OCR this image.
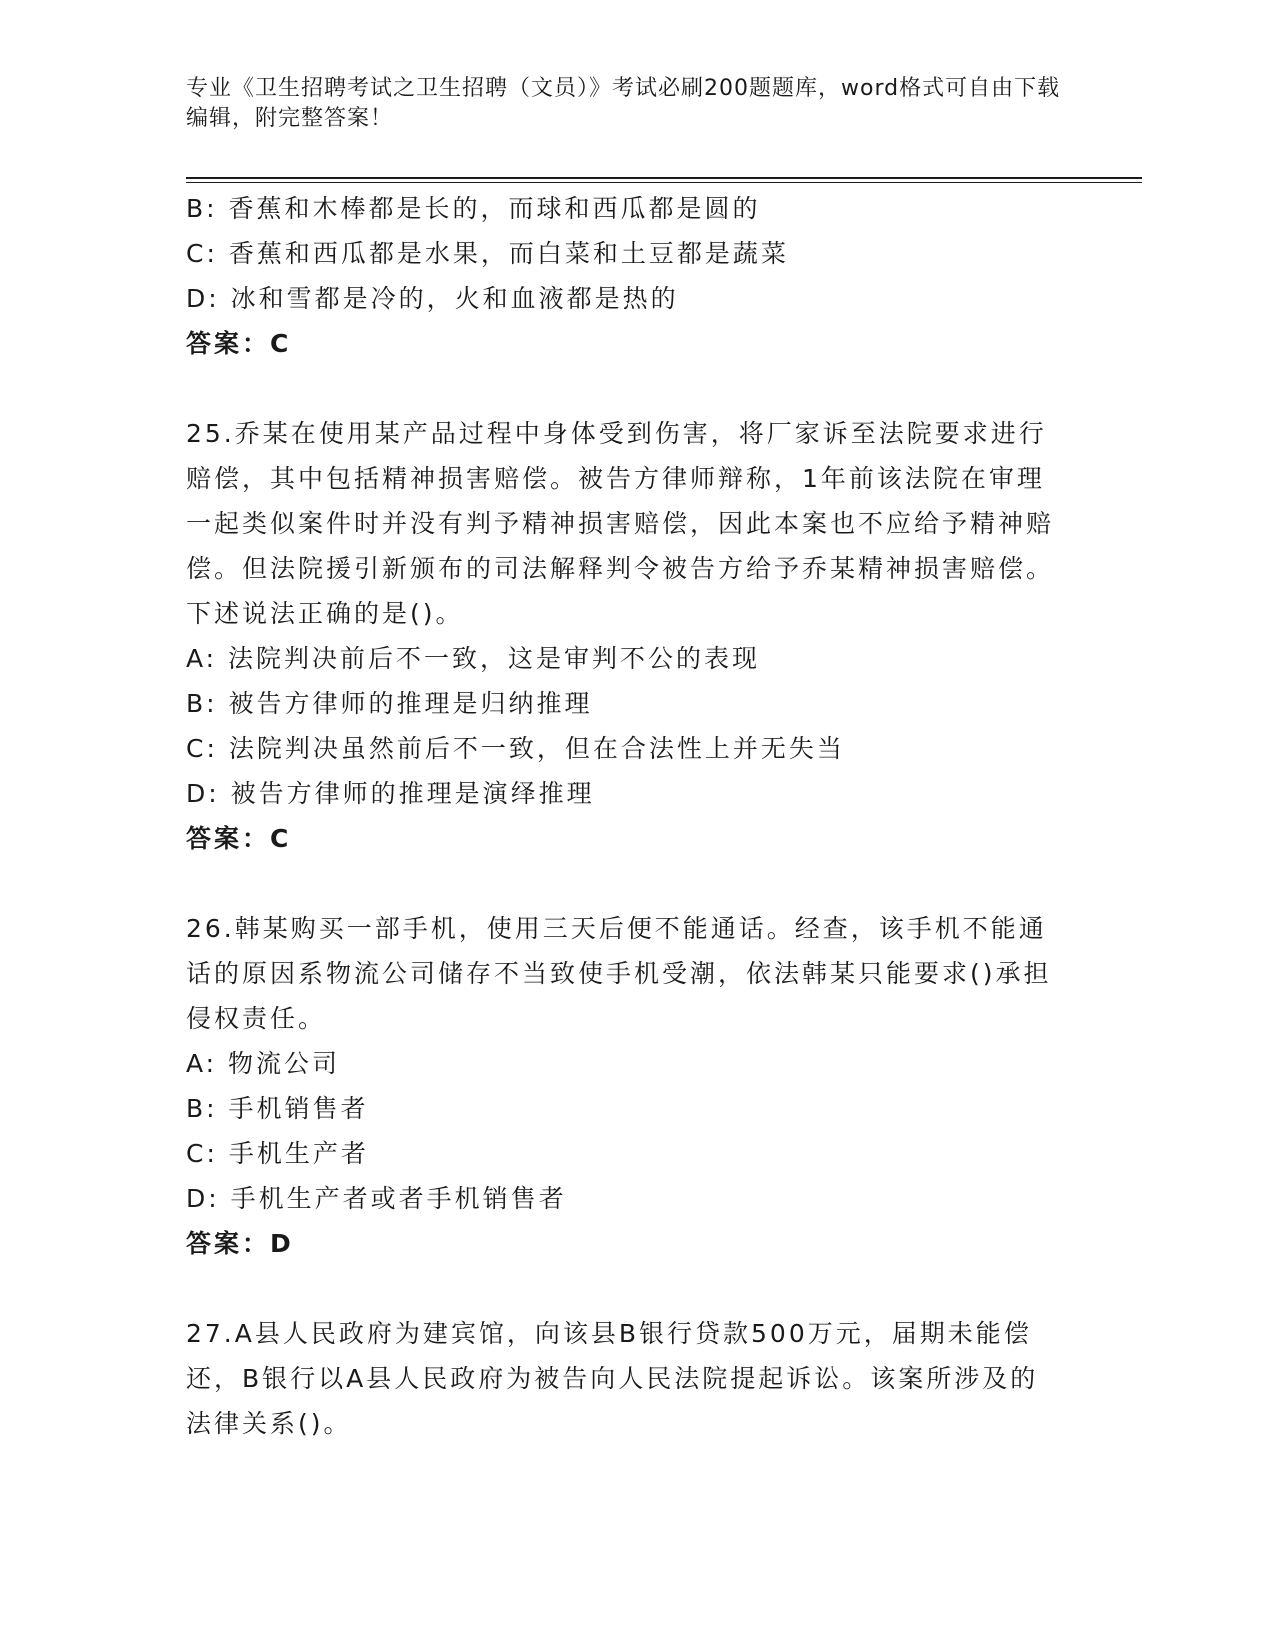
专业《卫生招聘考试之卫生招聘（文员）》考试必刷200题题库，word格式可自由下载编辑，附完整答案！
B: 香蕉和木棒都是长的，而球和西瓜都是圆的
C: 香蕉和西瓜都是水果，而白菜和土豆都是蔬菜
D: 冰和雪都是冷的，火和血液都是热的
答案：C
25.乔某在使用某产品过程中身体受到伤害，将厂家诉至法院要求进行赔偿，其中包括精神损害赔偿。被告方律师辩称，1年前该法院在审理一起类似案件时并没有判予精神损害赔偿，因此本案也不应给予精神赔偿。但法院援引新颁布的司法解释判令被告方给予乔某精神损害赔偿。下述说法正确的是()。
A: 法院判决前后不一致，这是审判不公的表现
B: 被告方律师的推理是归纳推理
C: 法院判决虽然前后不一致，但在合法性上并无失当
D: 被告方律师的推理是演绎推理
答案：C
26.韩某购买一部手机，使用三天后便不能通话。经查，该手机不能通话的原因系物流公司储存不当致使手机受潮，依法韩某只能要求()承担侵权责任。
A: 物流公司
B: 手机销售者
C: 手机生产者
D: 手机生产者或者手机销售者
答案：D
27.A县人民政府为建宾馆，向该县B银行贷款500万元，届期未能偿还，B银行以A县人民政府为被告向人民法院提起诉讼。该案所涉及的法律关系()。
